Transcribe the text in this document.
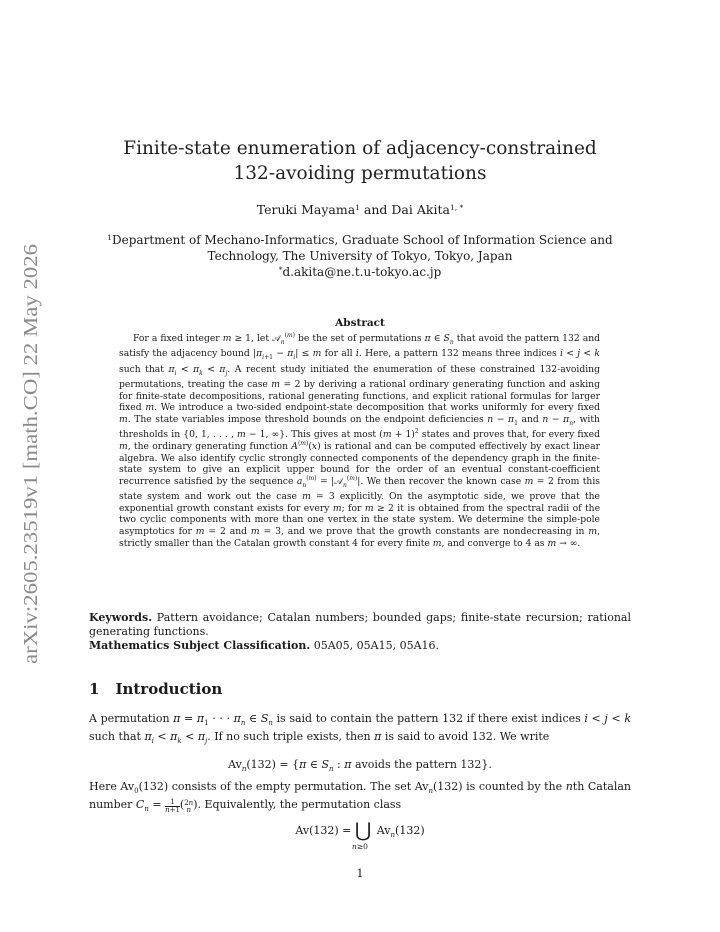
arXiv:2605.23519v1 [math.CO] 22 May 2026
Finite-state enumeration of adjacency-constrained
132-avoiding permutations
Teruki Mayama$^1$ and Dai Akita$^{1, *}$
$^1$Department of Mechano-Informatics, Graduate School of Information Science and
Technology, The University of Tokyo, Tokyo, Japan
*d.akita@ne.t.u-tokyo.ac.jp
Abstract

For a fixed integer m ≥ 1, let 𝒜$_n^{(m)}$ be the set of permutations π ∈ $S_n$ that avoid the pattern 132 and satisfy the adjacency bound $|\pi_{i+1} - \pi_i| \le m$ for all i. Here, a pattern 132 means three indices i < j < k such that $\pi_i < \pi_k < \pi_j$. A recent study initiated the enumeration of these constrained 132-avoiding permutations, treating the case m = 2 by deriving a rational ordinary generating function and asking for finite-state decompositions, rational generating functions, and explicit rational formulas for larger fixed m. We introduce a two-sided endpoint-state decomposition that works uniformly for every fixed m. The state variables impose threshold bounds on the endpoint deficiencies $n - \pi_1$ and $n - \pi_n$, with thresholds in {0, 1, . . . , m − 1, ∞}. This gives at most $(m + 1)^2$ states and proves that, for every fixed m, the ordinary generating function $A^{(m)}(x)$ is rational and can be computed effectively by exact linear algebra. We also identify cyclic strongly connected components of the dependency graph in the finite-state system to give an explicit upper bound for the order of an eventual constant-coefficient recurrence satisfied by the sequence $a_n^{(m)}$ = |𝒜$_n^{(m)}$|. We then recover the known case m = 2 from this state system and work out the case m = 3 explicitly. On the asymptotic side, we prove that the exponential growth constant exists for every m; for m ≥ 2 it is obtained from the spectral radii of the two cyclic components with more than one vertex in the state system. We determine the simple-pole asymptotics for m = 2 and m = 3, and we prove that the growth constants are nondecreasing in m, strictly smaller than the Catalan growth constant 4 for every finite m, and converge to 4 as m → ∞.

Keywords. Pattern avoidance; Catalan numbers; bounded gaps; finite-state recursion; rational generating functions.

Mathematics Subject Classification. 05A05, 05A15, 05A16.

1 Introduction

A permutation $\pi = \pi_1$ · · · $\pi_n$ ∈ $S_n$ is said to contain the pattern 132 if there exist indices i < j < k such that $\pi_i < \pi_k < \pi_j$. If no such triple exists, then π is said to avoid 132. We write

$Av_n(132) = \{\pi$ ∈ $S_n$ : π avoids the pattern 132}.

Here $Av_0(132)$ consists of the empty permutation. The set $Av_n(132)$ is counted by the nth Catalan number $C_n = \frac{1}{n+1}$ ( 2n
n ). Equivalently, the permutation class

Av(132) = ⋃ $Av_n(132)$
n≥0
1
